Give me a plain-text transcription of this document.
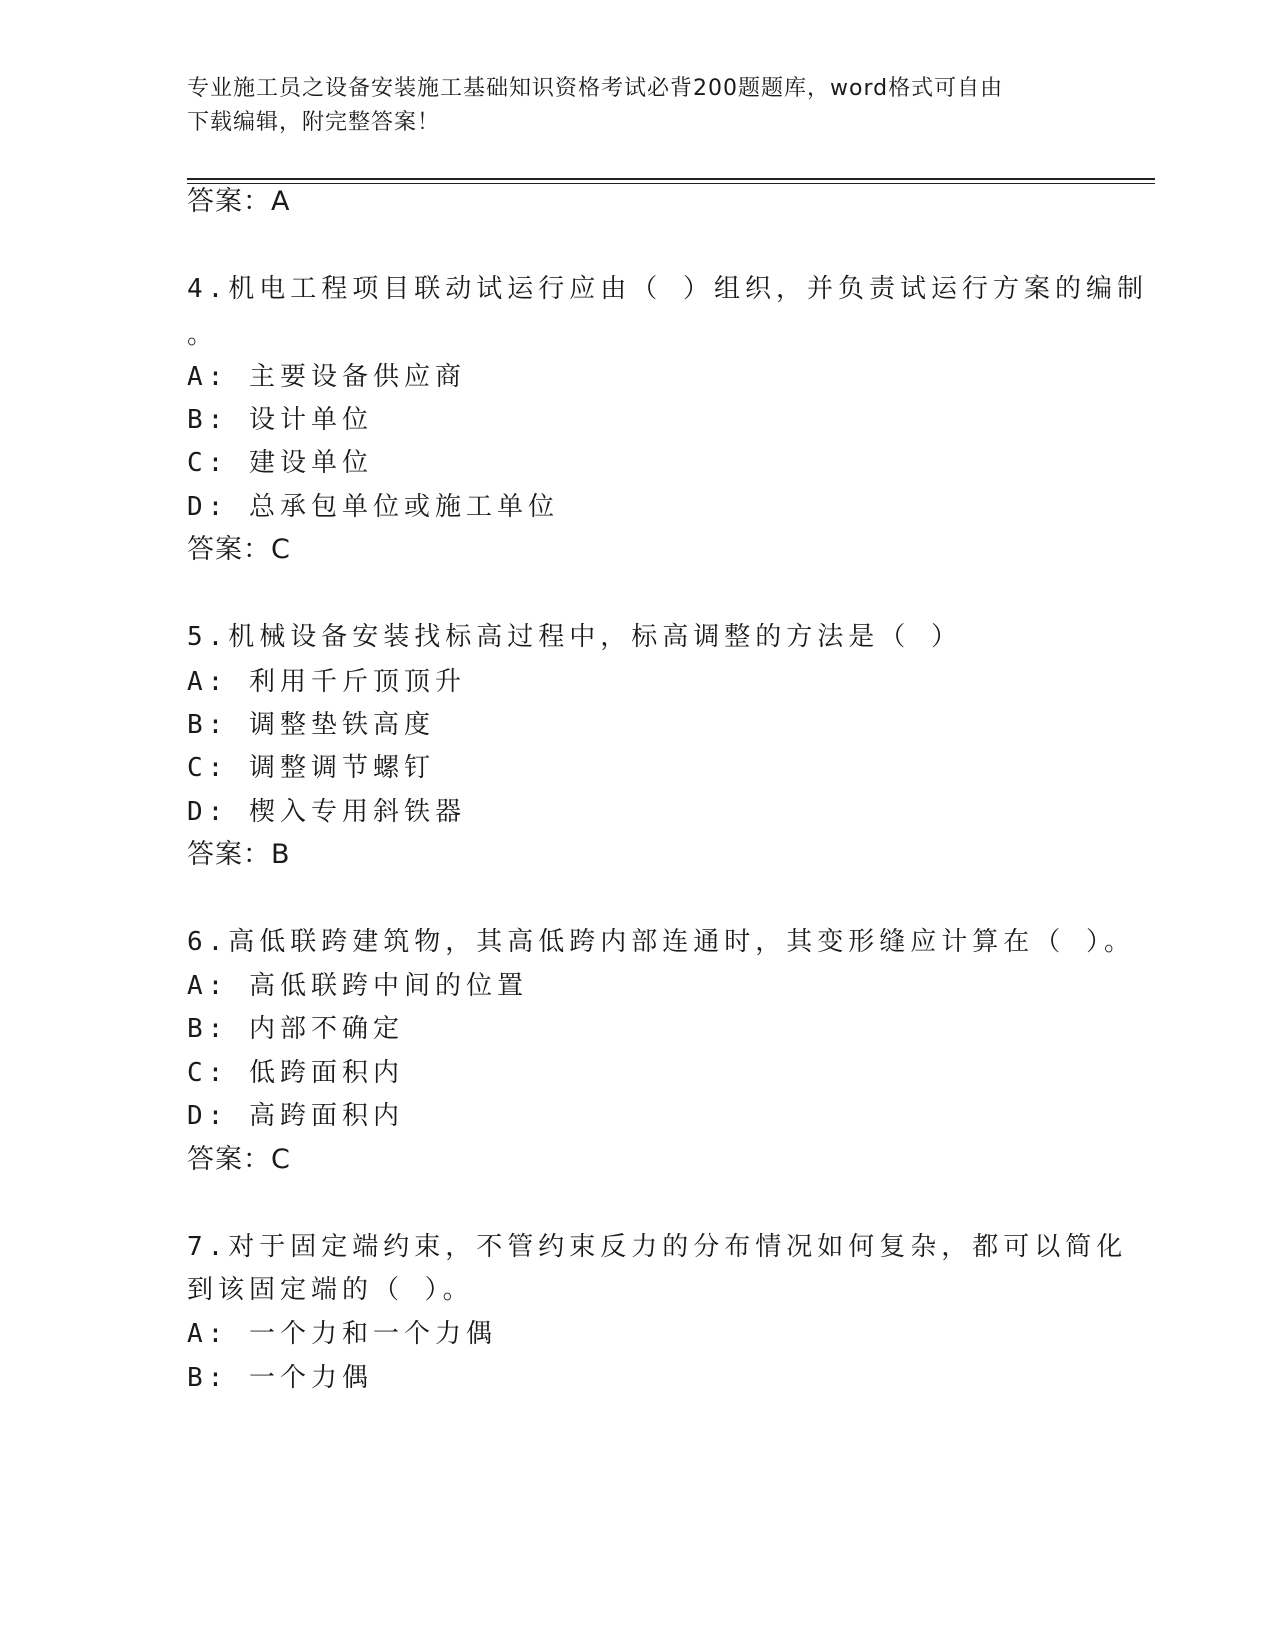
专业施工员之设备安装施工基础知识资格考试必背200题题库，word格式可自由
下载编辑，附完整答案！
答案：A
4.机电工程项目联动试运行应由（ ）组织，并负责试运行方案的编制
。
A: 主要设备供应商
B: 设计单位
C: 建设单位
D: 总承包单位或施工单位
答案：C
5.机械设备安装找标高过程中，标高调整的方法是（ ）
A: 利用千斤顶顶升
B: 调整垫铁高度
C: 调整调节螺钉
D: 楔入专用斜铁器
答案：B
6.高低联跨建筑物，其高低跨内部连通时，其变形缝应计算在（ ）。
A: 高低联跨中间的位置
B: 内部不确定
C: 低跨面积内
D: 高跨面积内
答案：C
7.对于固定端约束，不管约束反力的分布情况如何复杂，都可以简化
到该固定端的（ ）。
A: 一个力和一个力偶
B: 一个力偶
